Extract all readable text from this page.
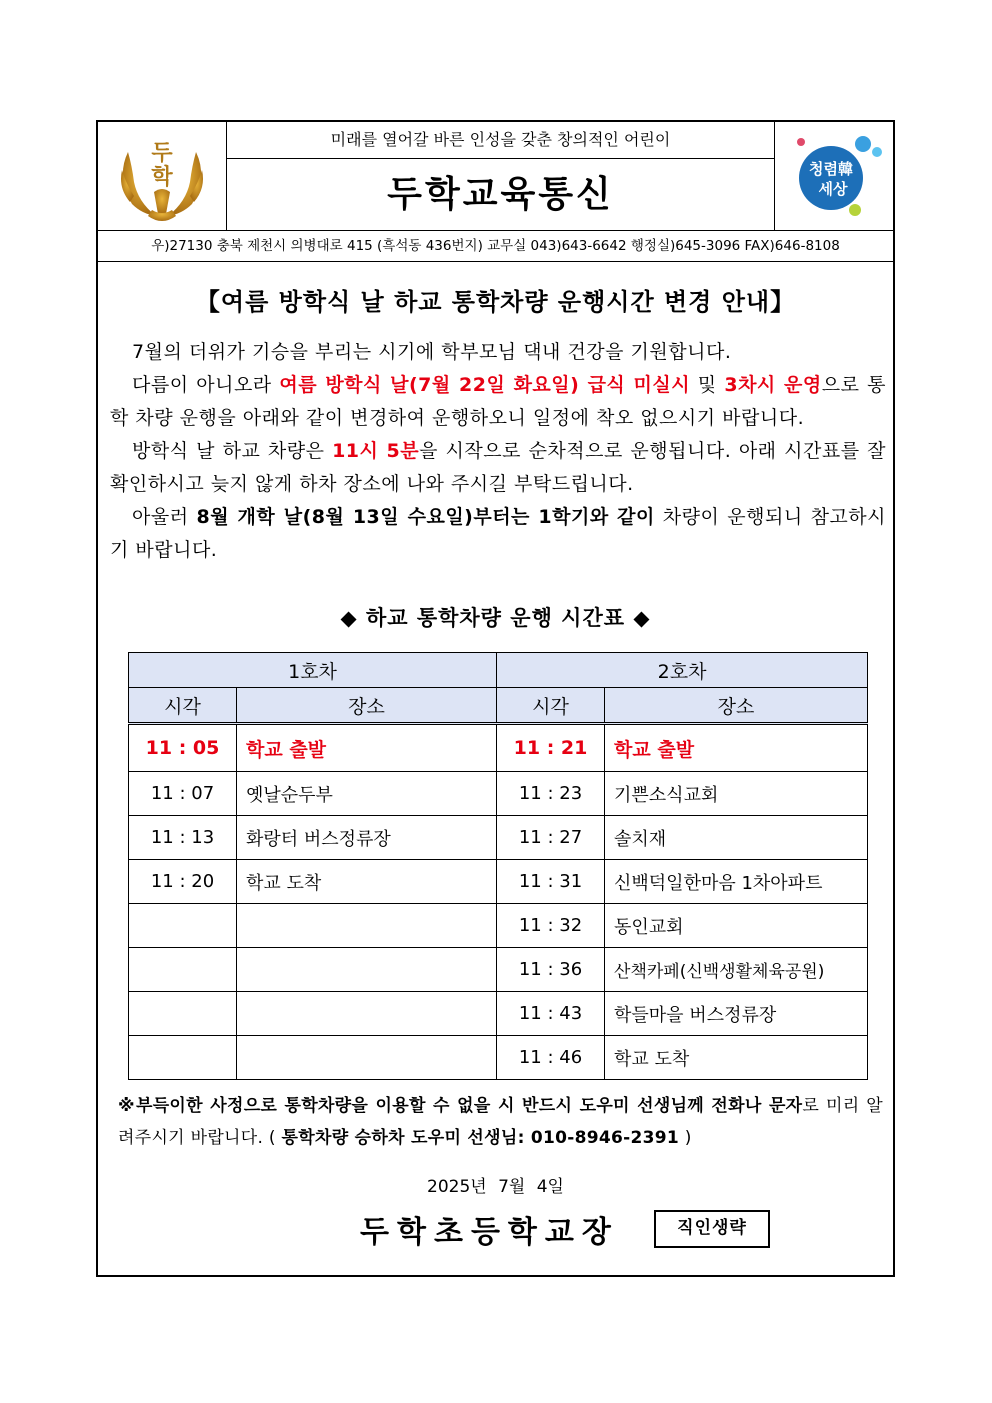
두
학
미래를 열어갈 바른 인성을 갖춘 창의적인 어린이
두학교육통신
청렴韓
세상
우)27130 충북 제천시 의병대로 415 (흑석동 436번지) 교무실 043)643-6642 행정실)645-3096 FAX)646-8108
【여름 방학식 날 하교 통학차량 운행시간 변경 안내】

7월의 더위가 기승을 부리는 시기에 학부모님 댁내 건강을 기원합니다.

다름이 아니오라 여름 방학식 날(7월 22일 화요일) 급식 미실시 및 3차시 운영으로 통학 차량 운행을 아래와 같이 변경하여 운행하오니 일정에 착오 없으시기 바랍니다.

방학식 날 하교 차량은 11시 5분을 시작으로 순차적으로 운행됩니다. 아래 시간표를 잘 확인하시고 늦지 않게 하차 장소에 나와 주시길 부탁드립니다.

아울러 8월 개학 날(8월 13일 수요일)부터는 1학기와 같이 차량이 운행되니 참고하시기 바랍니다.

◆ 하교 통학차량 운행 시간표 ◆
1호차		2호차	
시각	장소	시각	장소
11 : 05	학교 출발	11 : 21	학교 출발
11 : 07	옛날순두부	11 : 23	기쁜소식교회
11 : 13	화랑터 버스정류장	11 : 27	솔치재
11 : 20	학교 도착	11 : 31	신백덕일한마음 1차아파트
		11 : 32	동인교회
		11 : 36	산책카페(신백생활체육공원)
		11 : 43	학들마을 버스정류장
		11 : 46	학교 도착
※부득이한 사정으로 통학차량을 이용할 수 없을 시 반드시 도우미 선생님께 전화나 문자로 미리 알려주시기 바랍니다. ( 통학차량 승하차 도우미 선생님: 010-8946-2391 )
2025년 7월 4일
두학초등학교장	직인생략
